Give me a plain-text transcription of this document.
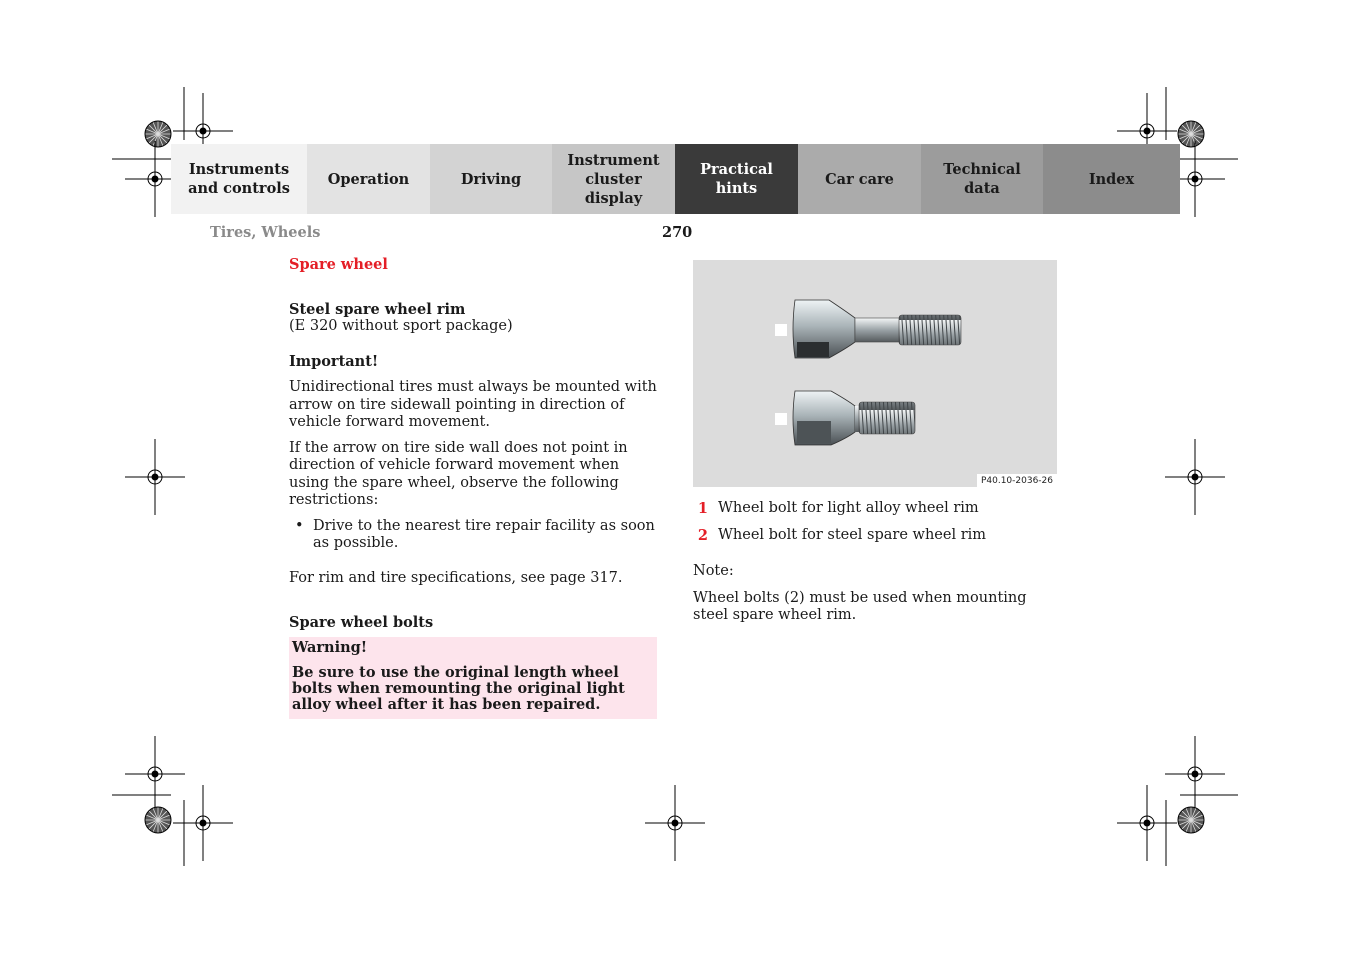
Instruments
and controls
Operation	Driving
Instrument
cluster display
Practical hints
Car care
Technical
data
Index
Tires, Wheels	270

Spare wheel

Steel spare wheel rim

(E 320 without sport package)

Important!

Unidirectional tires must always be mounted with arrow on tire sidewall pointing in direction of vehicle forward movement.

If the arrow on tire side wall does not point in direction of vehicle forward movement when using the spare wheel, observe the following restrictions:

• Drive to the nearest tire repair facility as soon as possible.

For rim and tire specifications, see page 317.

Spare wheel bolts

Warning!
Be sure to use the original length wheel bolts when remounting the original light alloy wheel after it has been repaired.
P40.10-2036-26
1 Wheel bolt for light alloy wheel rim
2 Wheel bolt for steel spare wheel rim

Note:

Wheel bolts (2) must be used when mounting steel spare wheel rim.
